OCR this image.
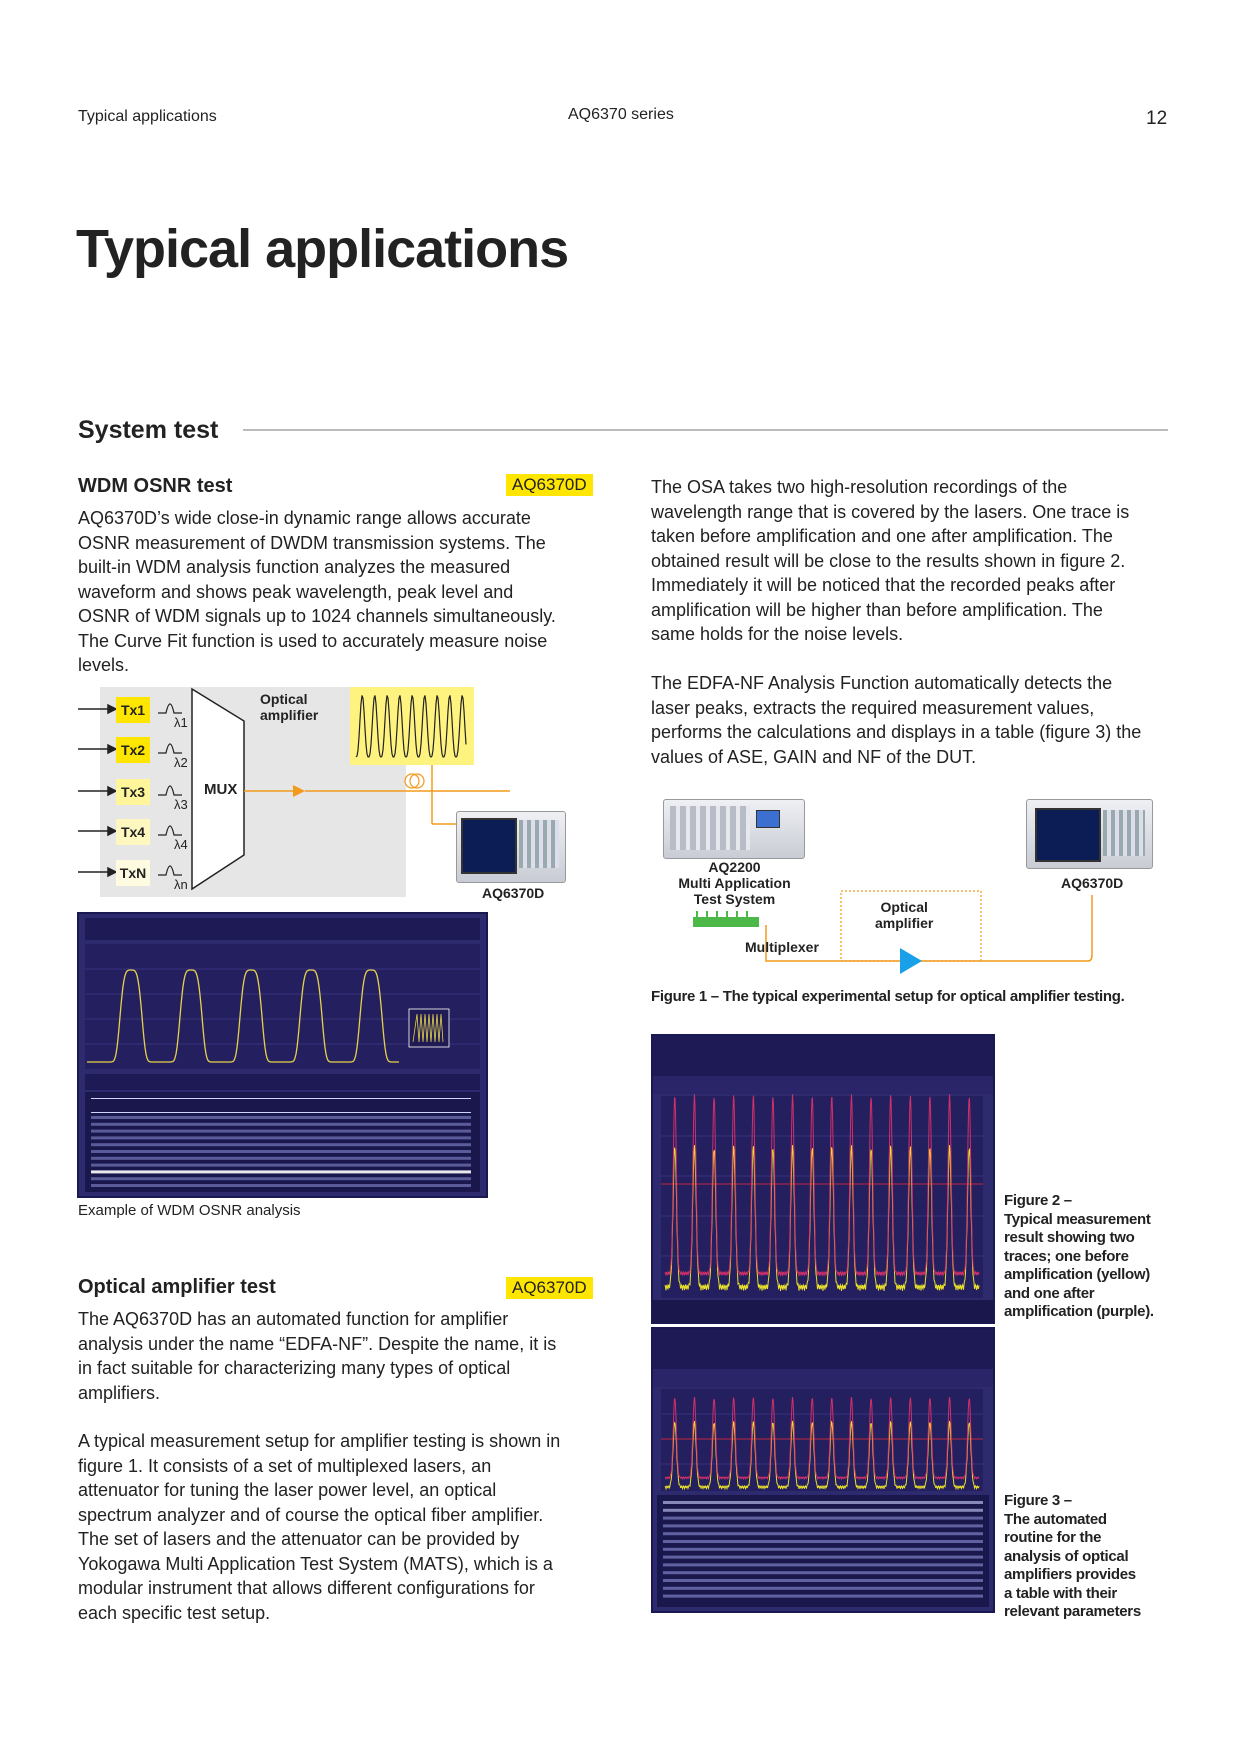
Typical applications	AQ6370 series	12
Typical applications
System test
WDM OSNR test	AQ6370D
AQ6370D’s wide close-in dynamic range allows accurate
OSNR measurement of DWDM transmission systems. The
built-in WDM analysis function analyzes the measured
waveform and shows peak wavelength, peak level and
OSNR of WDM signals up to 1024 channels simultaneously.
The Curve Fit function is used to accurately measure noise
levels.
Tx1
Tx2
Tx3
Tx4
TxN
λ1
λ2
λ3
λ4
λn
MUX
Optical
amplifier
AQ6370D
Example of WDM OSNR analysis
Optical amplifier test	AQ6370D
The AQ6370D has an automated function for amplifier
analysis under the name “EDFA-NF”. Despite the name, it is
in fact suitable for characterizing many types of optical
amplifiers.
A typical measurement setup for amplifier testing is shown in
figure 1. It consists of a set of multiplexed lasers, an
attenuator for tuning the laser power level, an optical
spectrum analyzer and of course the optical fiber amplifier.
The set of lasers and the attenuator can be provided by
Yokogawa Multi Application Test System (MATS), which is a
modular instrument that allows different configurations for
each specific test setup.
The OSA takes two high-resolution recordings of the
wavelength range that is covered by the lasers. One trace is
taken before amplification and one after amplification. The
obtained result will be close to the results shown in figure 2.
Immediately it will be noticed that the recorded peaks after
amplification will be higher than before amplification. The
same holds for the noise levels.
The EDFA-NF Analysis Function automatically detects the
laser peaks, extracts the required measurement values,
performs the calculations and displays in a table (figure 3) the
values of ASE, GAIN and NF of the DUT.
AQ2200
Multi Application
Test System
AQ6370D
Optical
amplifier
Multiplexer
Figure 1 – The typical experimental setup for optical amplifier testing.
Figure 2 –
Typical measurement
result showing two
traces; one before
amplification (yellow)
and one after
amplification (purple).
Figure 3 –
The automated
routine for the
analysis of optical
amplifiers provides
a table with their
relevant parameters
